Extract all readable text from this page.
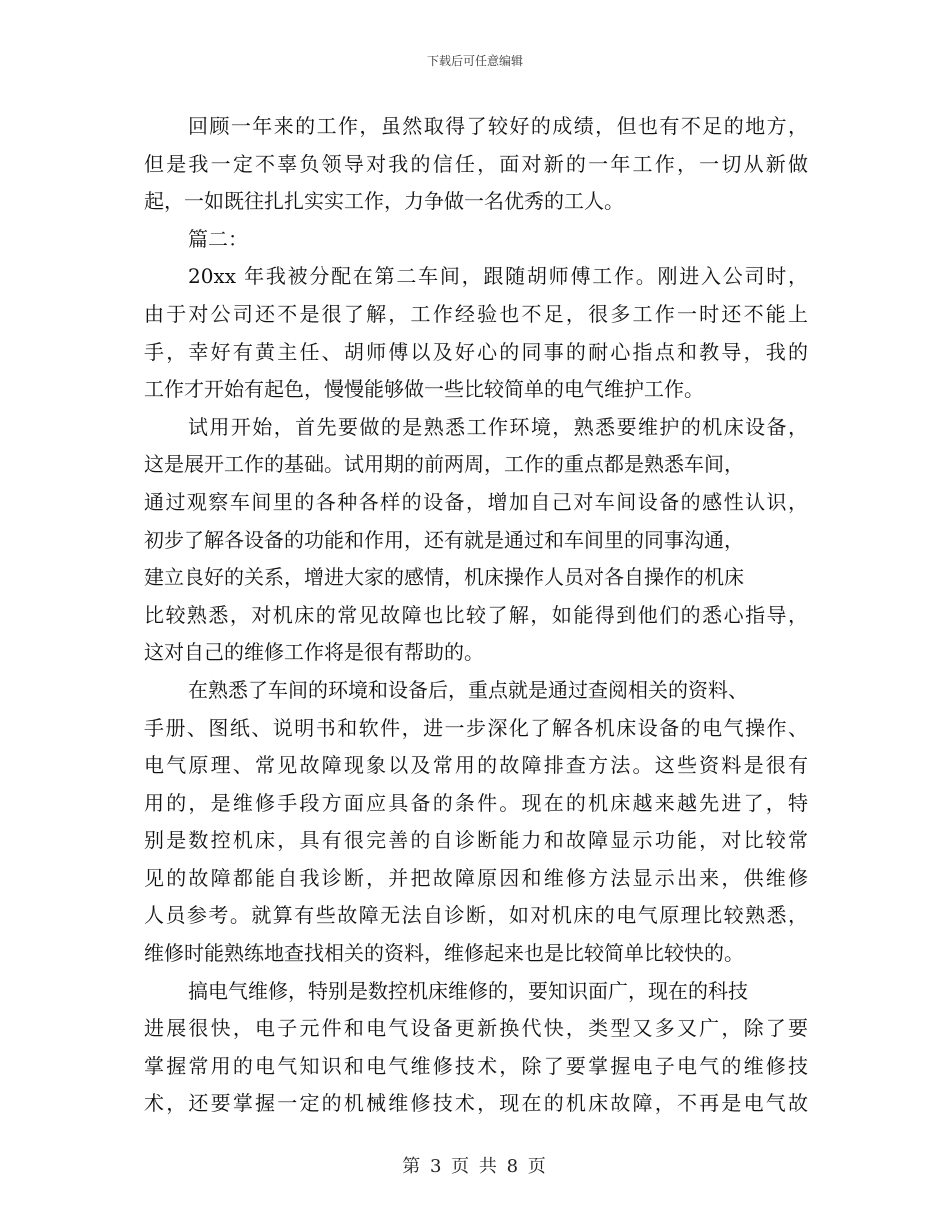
下载后可任意编辑
回顾一年来的工作，虽然取得了较好的成绩，但也有不足的地方，
但是我一定不辜负领导对我的信任，面对新的一年工作，一切从新做
起，一如既往扎扎实实工作，力争做一名优秀的工人。
篇二：
20xx 年我被分配在第二车间，跟随胡师傅工作。刚进入公司时，
由于对公司还不是很了解，工作经验也不足，很多工作一时还不能上
手，幸好有黄主任、胡师傅以及好心的同事的耐心指点和教导，我的
工作才开始有起色，慢慢能够做一些比较简单的电气维护工作。
试用开始，首先要做的是熟悉工作环境，熟悉要维护的机床设备，
这是展开工作的基础。试用期的前两周，工作的重点都是熟悉车间，
通过观察车间里的各种各样的设备，增加自己对车间设备的感性认识，
初步了解各设备的功能和作用，还有就是通过和车间里的同事沟通，
建立良好的关系，增进大家的感情，机床操作人员对各自操作的机床
比较熟悉，对机床的常见故障也比较了解，如能得到他们的悉心指导，
这对自己的维修工作将是很有帮助的。
在熟悉了车间的环境和设备后，重点就是通过查阅相关的资料、
手册、图纸、说明书和软件，进一步深化了解各机床设备的电气操作、
电气原理、常见故障现象以及常用的故障排查方法。这些资料是很有
用的，是维修手段方面应具备的条件。现在的机床越来越先进了，特
别是数控机床，具有很完善的自诊断能力和故障显示功能，对比较常
见的故障都能自我诊断，并把故障原因和维修方法显示出来，供维修
人员参考。就算有些故障无法自诊断，如对机床的电气原理比较熟悉，
维修时能熟练地查找相关的资料，维修起来也是比较简单比较快的。
搞电气维修，特别是数控机床维修的，要知识面广，现在的科技
进展很快，电子元件和电气设备更新换代快，类型又多又广，除了要
掌握常用的电气知识和电气维修技术，除了要掌握电子电气的维修技
术，还要掌握一定的机械维修技术，现在的机床故障，不再是电气故
第 3 页 共 8 页
